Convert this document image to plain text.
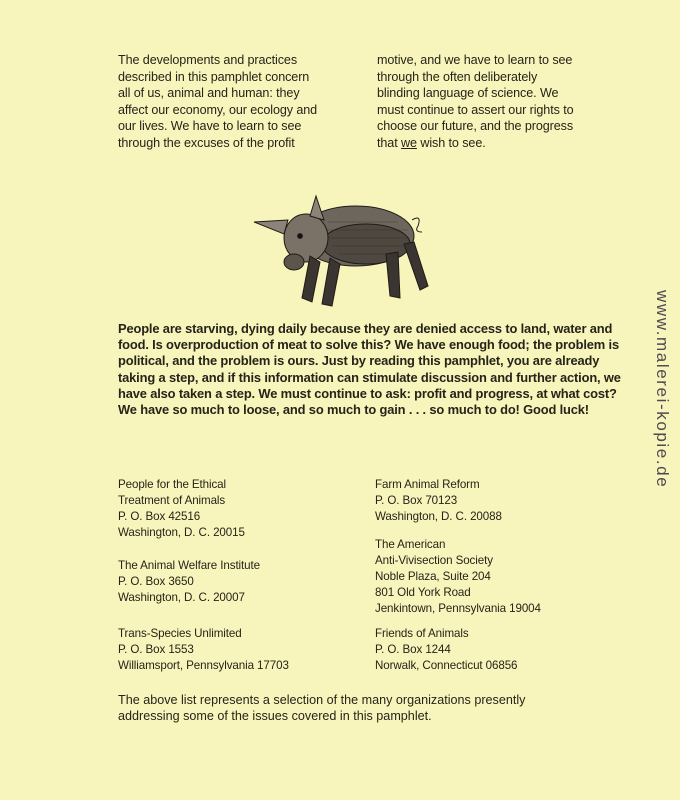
The developments and practices
described in this pamphlet concern
all of us, animal and human: they
affect our economy, our ecology and
our lives. We have to learn to see
through the excuses of the profit
motive, and we have to learn to see
through the often deliberately
blinding language of science. We
must continue to assert our rights to
choose our future, and the progress
that we wish to see.
People are starving, dying daily because they are denied access to land, water and food. Is overproduction of meat to solve this? We have enough food; the problem is political, and the problem is ours. Just by reading this pamphlet, you are already taking a step, and if this information can stimulate discussion and further action, we have also taken a step. We must continue to ask: profit and progress, at what cost? We have so much to loose, and so much to gain . . . so much to do! Good luck!
People for the Ethical
Treatment of Animals
P. O. Box 42516
Washington, D. C. 20015
The Animal Welfare Institute
P. O. Box 3650
Washington, D. C. 20007
Trans-Species Unlimited
P. O. Box 1553
Williamsport, Pennsylvania 17703
Farm Animal Reform
P. O. Box 70123
Washington, D. C. 20088
The American
Anti-Vivisection Society
Noble Plaza, Suite 204
801 Old York Road
Jenkintown, Pennsylvania 19004
Friends of Animals
P. O. Box 1244
Norwalk, Connecticut 06856
The above list represents a selection of the many organizations presently
addressing some of the issues covered in this pamphlet.
www.malerei-kopie.de
